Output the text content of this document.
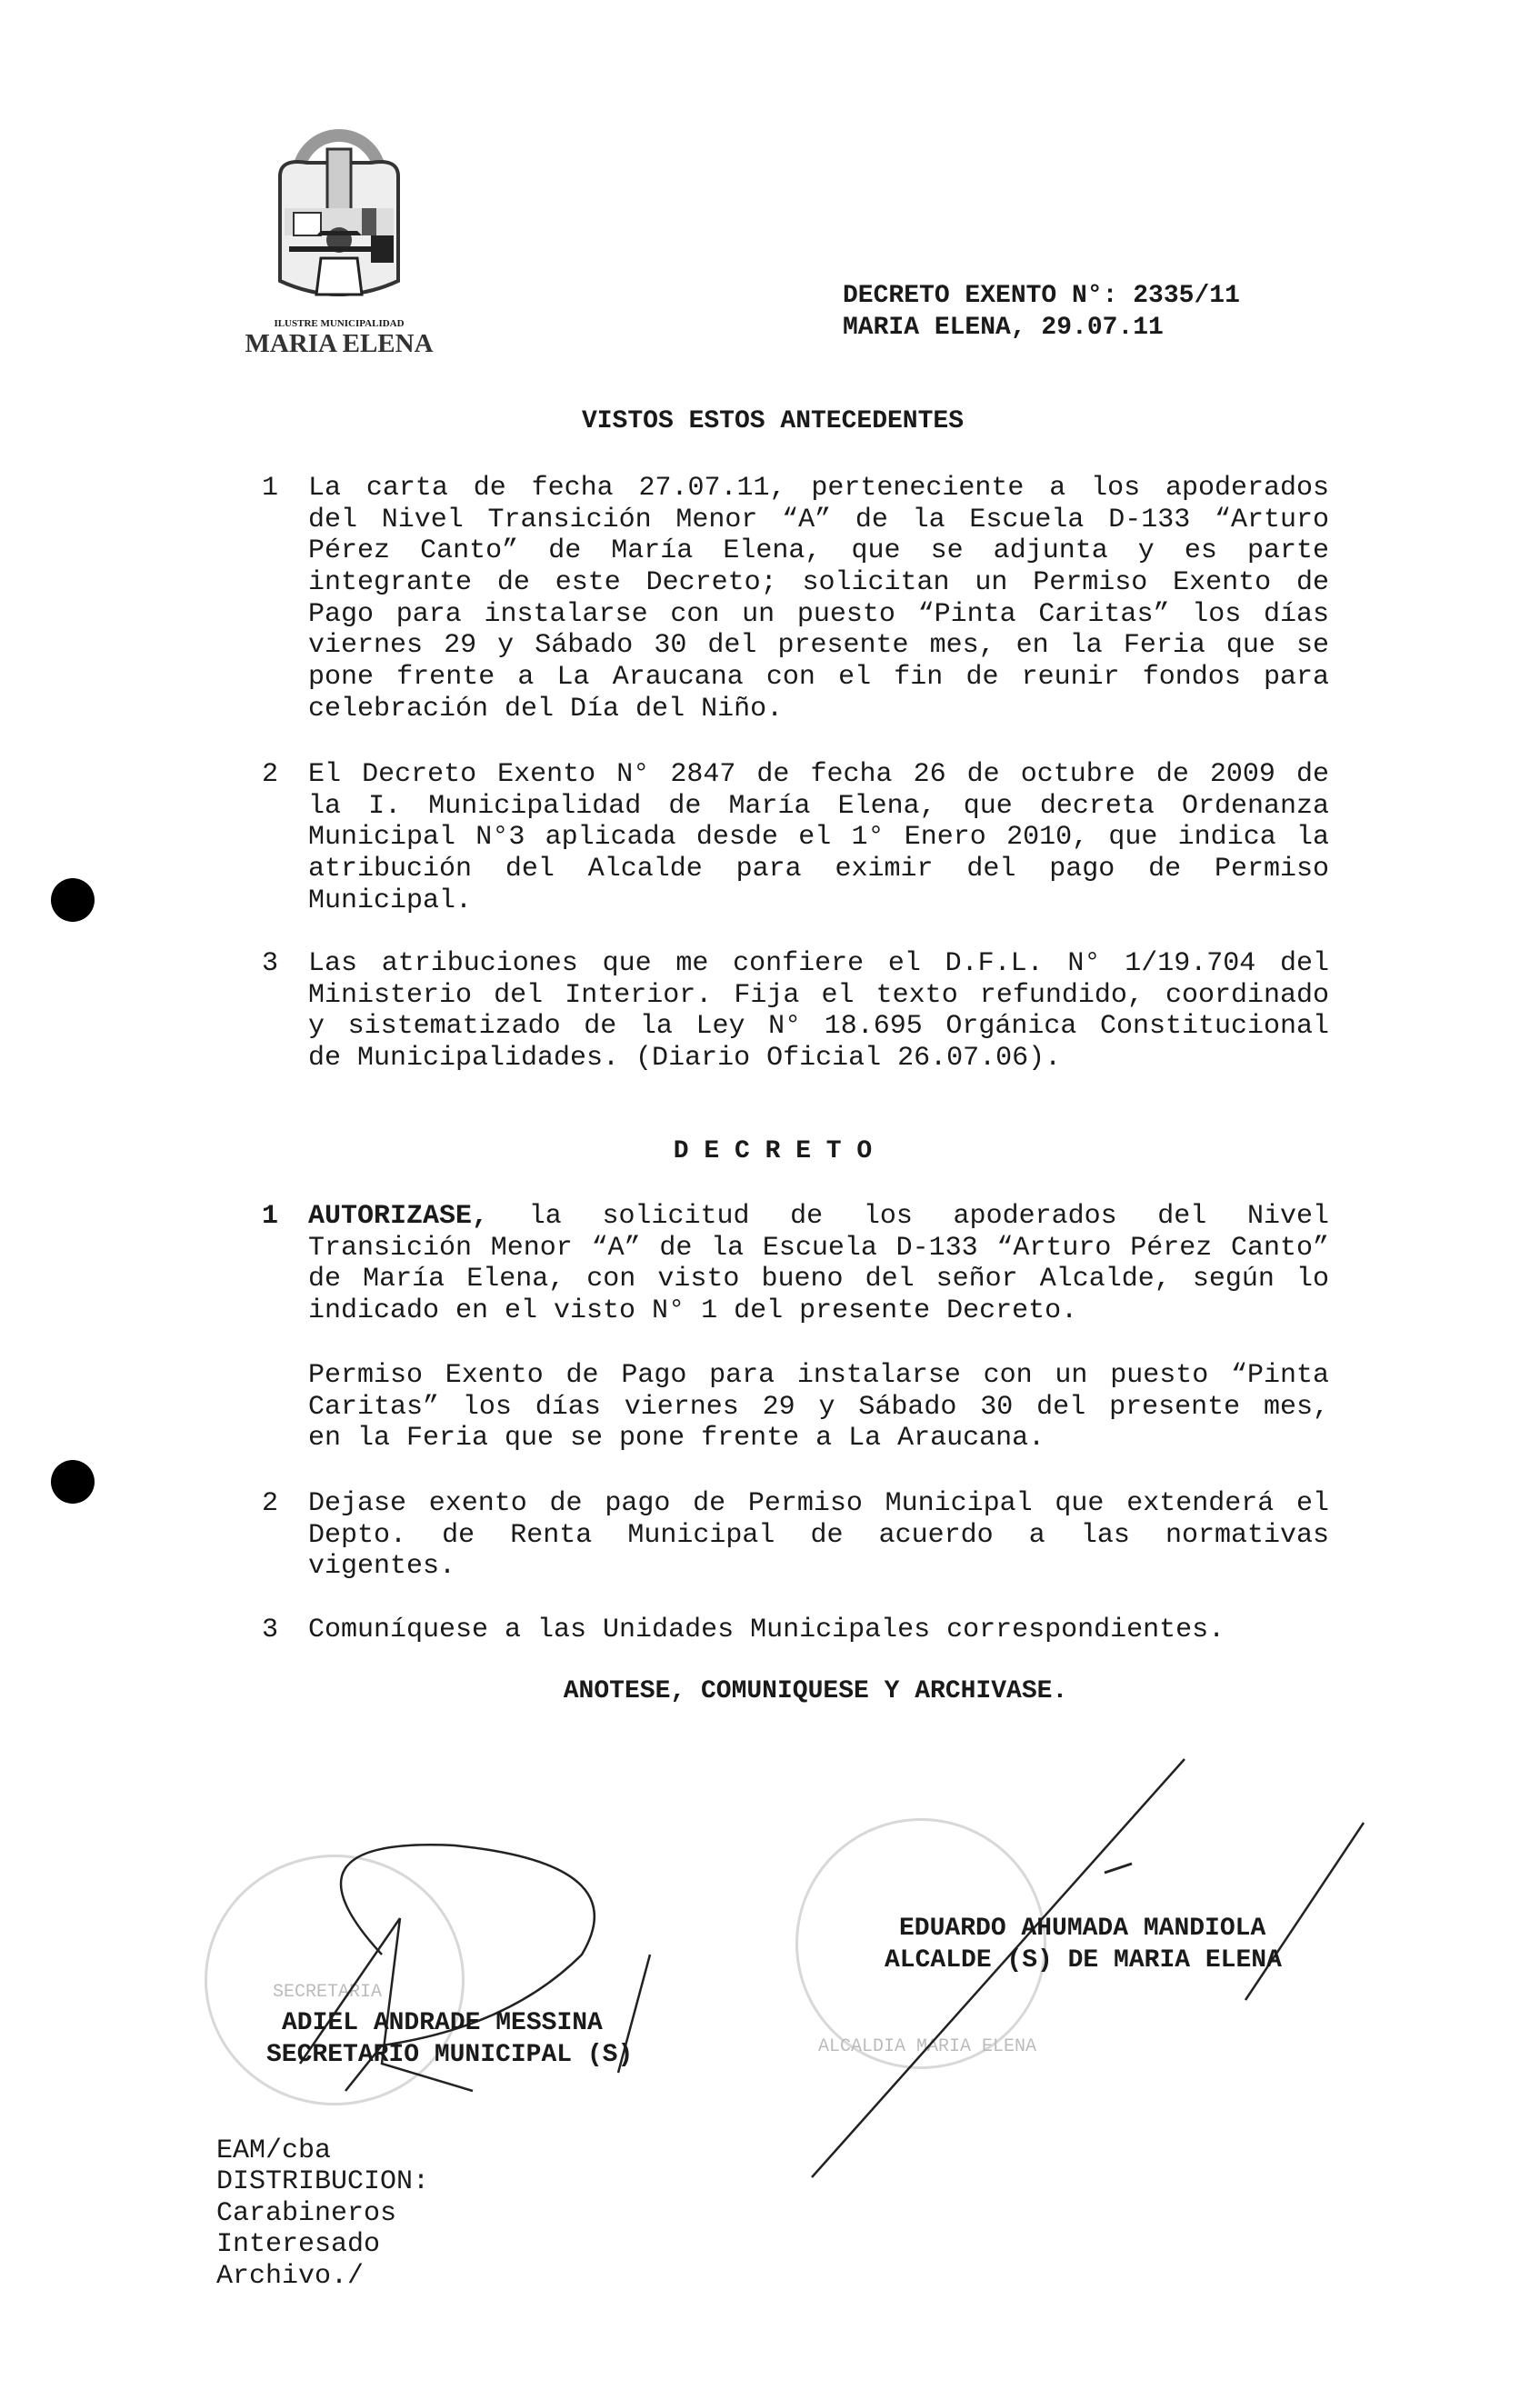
ILUSTRE MUNICIPALIDAD
MARIA ELENA
DECRETO EXENTO N°: 2335/11
MARIA ELENA, 29.07.11
VISTOS ESTOS ANTECEDENTES
1 La carta de fecha 27.07.11, perteneciente a los apoderados
del Nivel Transición Menor “A” de la Escuela D-133 “Arturo
Pérez Canto” de María Elena, que se adjunta y es parte
integrante de este Decreto; solicitan un Permiso Exento de
Pago para instalarse con un puesto “Pinta Caritas” los días
viernes 29 y Sábado 30 del presente mes, en la Feria que se
pone frente a La Araucana con el fin de reunir fondos para
celebración del Día del Niño.
2 El Decreto Exento N° 2847 de fecha 26 de octubre de 2009 de
la I. Municipalidad de María Elena, que decreta Ordenanza
Municipal N°3 aplicada desde el 1° Enero 2010, que indica la
atribución del Alcalde para eximir del pago de Permiso
Municipal.
3 Las atribuciones que me confiere el D.F.L. N° 1/19.704 del
Ministerio del Interior. Fija el texto refundido, coordinado
y sistematizado de la Ley N° 18.695 Orgánica Constitucional
de Municipalidades. (Diario Oficial 26.07.06).
D E C R E T O
1 AUTORIZASE, la solicitud de los apoderados del Nivel
Transición Menor “A” de la Escuela D-133 “Arturo Pérez Canto”
de María Elena, con visto bueno del señor Alcalde, según lo
indicado en el visto N° 1 del presente Decreto.
Permiso Exento de Pago para instalarse con un puesto “Pinta
Caritas” los días viernes 29 y Sábado 30 del presente mes,
en la Feria que se pone frente a La Araucana.
2 Dejase exento de pago de Permiso Municipal que extenderá el
Depto. de Renta Municipal de acuerdo a las normativas
vigentes.
3 Comuníquese a las Unidades Municipales correspondientes.
ANOTESE, COMUNIQUESE Y ARCHIVASE.
SECRETARIA
ALCALDIA MARIA ELENA
ADIEL ANDRADE MESSINA
SECRETARIO MUNICIPAL (S)
EDUARDO AHUMADA MANDIOLA
ALCALDE (S) DE MARIA ELENA
EAM/cba
DISTRIBUCION:
Carabineros
Interesado
Archivo./
